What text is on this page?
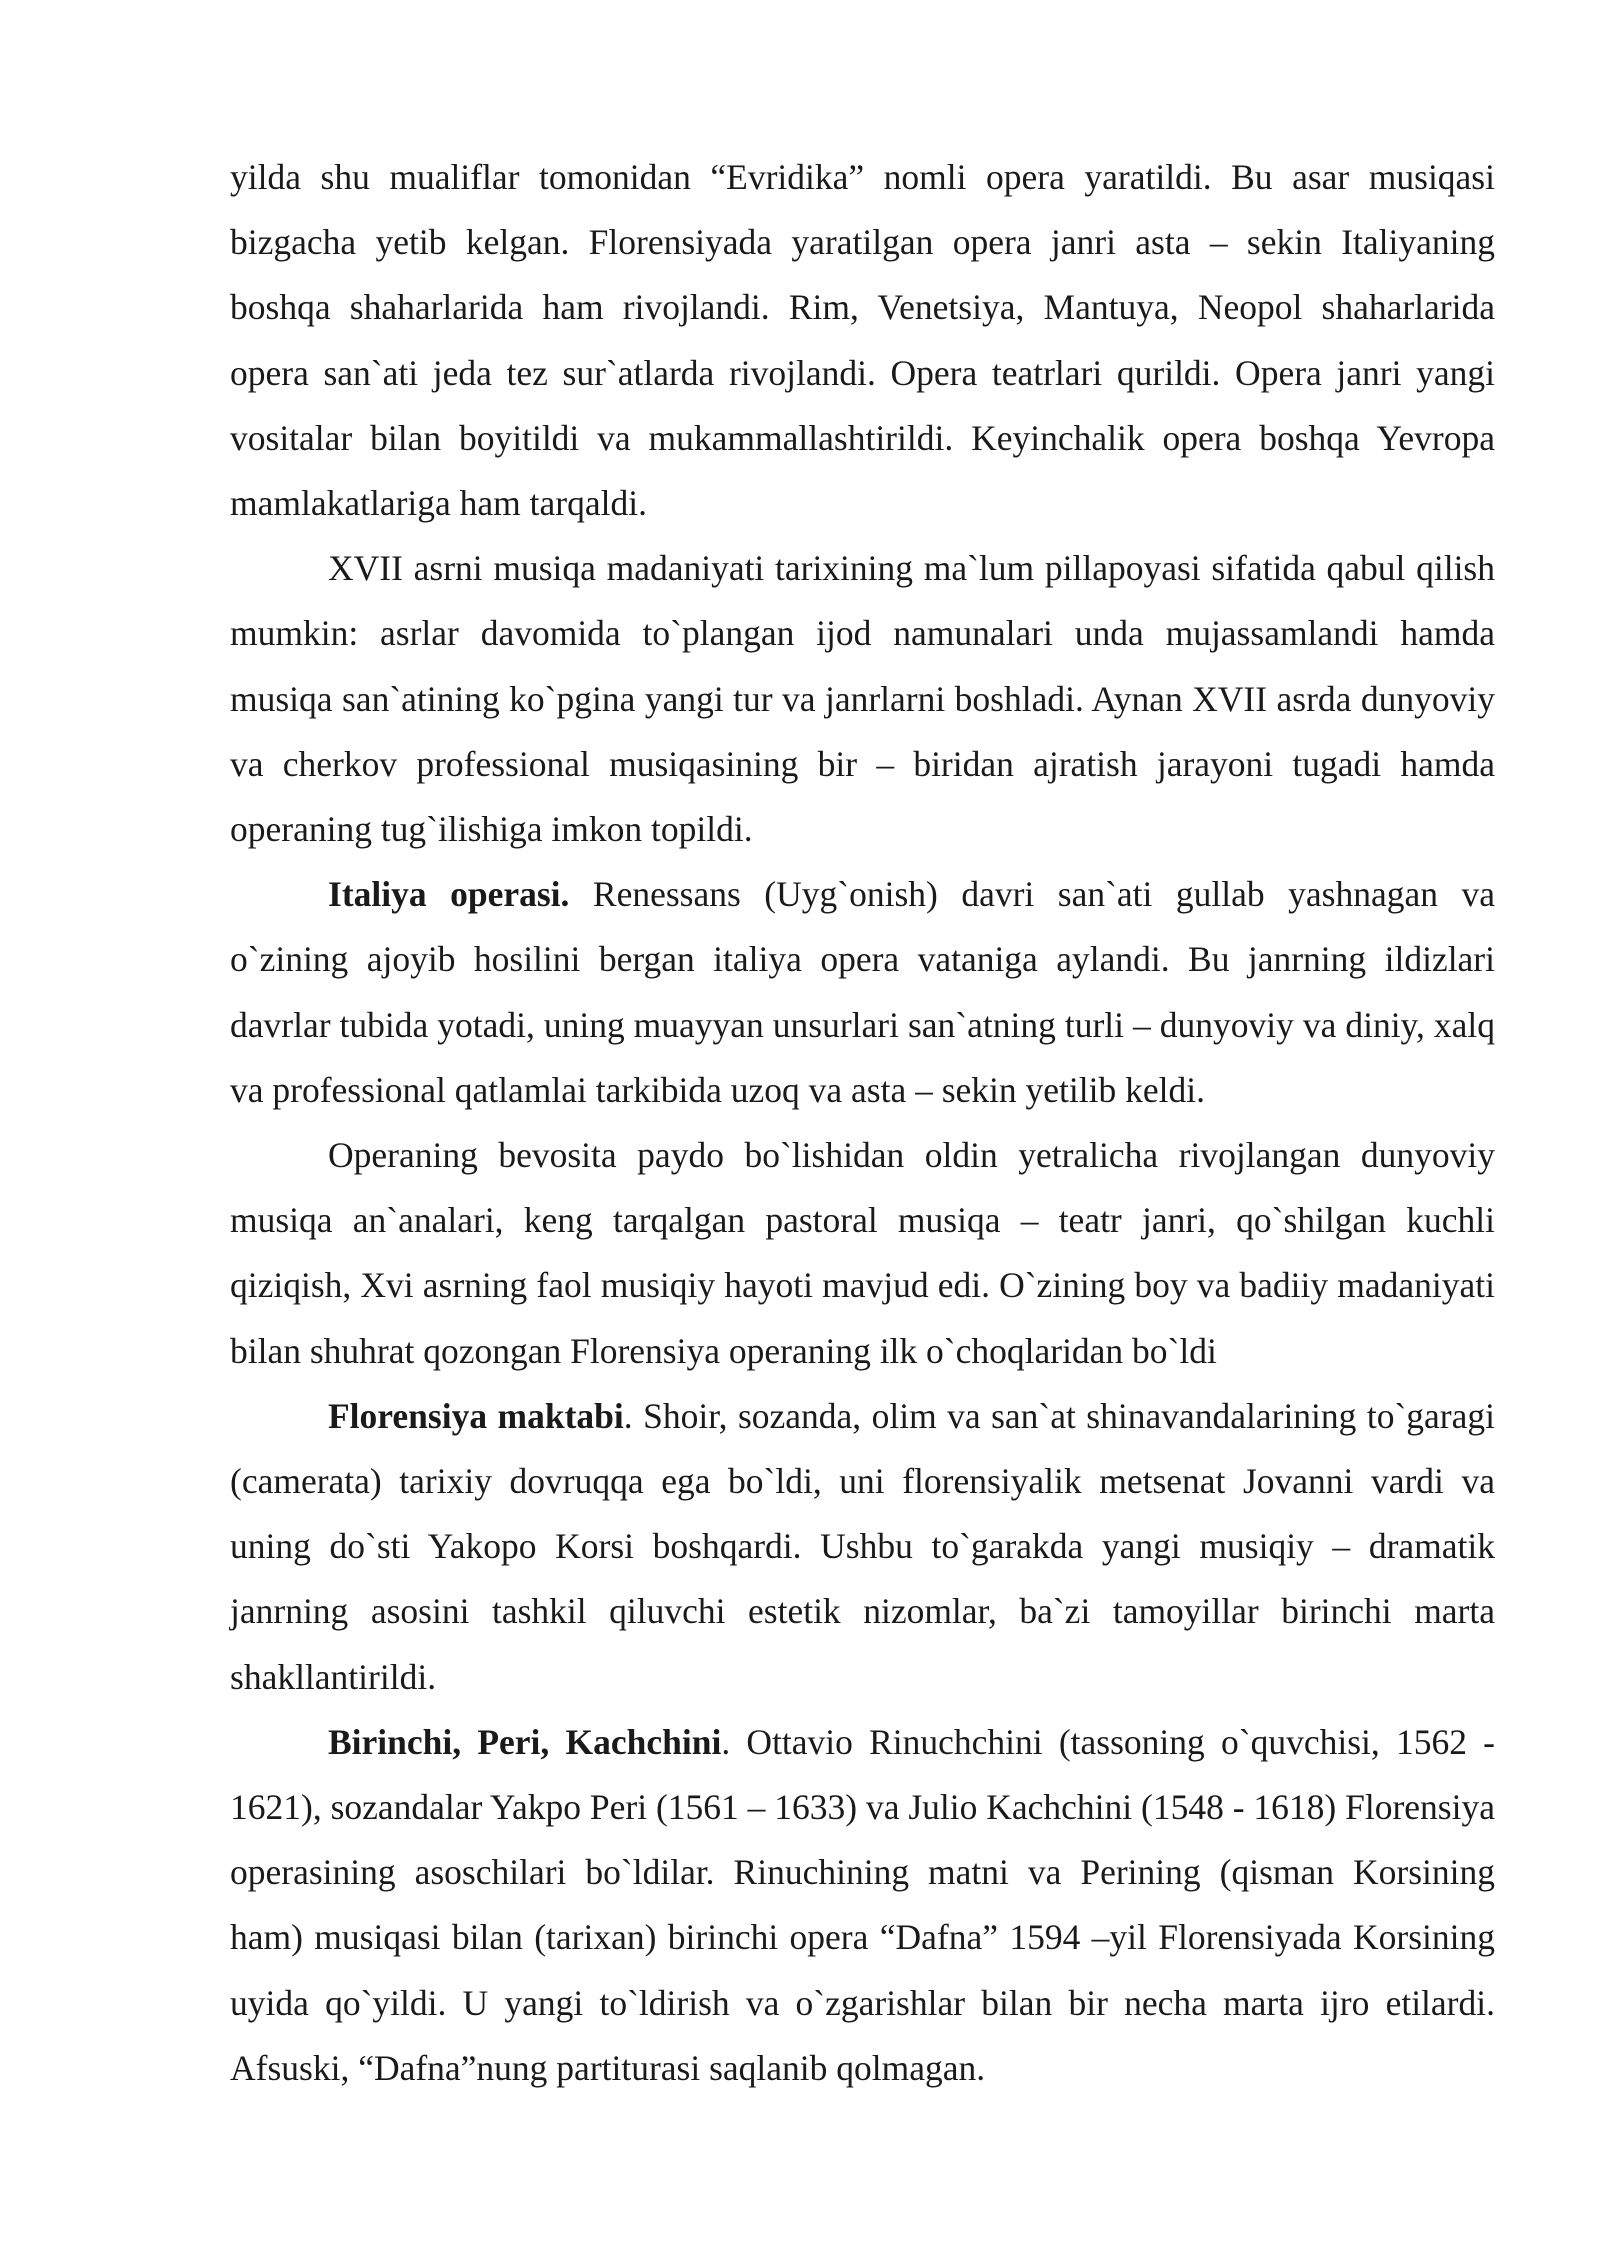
yilda shu mualiflar tomonidan “Evridika” nomli opera yaratildi. Bu asar musiqasi bizgacha yetib kelgan. Florensiyada yaratilgan opera janri asta – sekin Italiyaning boshqa shaharlarida ham rivojlandi. Rim, Venetsiya, Mantuya, Neopol shaharlarida opera san`ati jeda tez sur`atlarda rivojlandi. Opera teatrlari qurildi. Opera janri yangi vositalar bilan boyitildi va mukammallashtirildi. Keyinchalik opera boshqa Yevropa mamlakatlariga ham tarqaldi.

XVII asrni musiqa madaniyati tarixining ma`lum pillapoyasi sifatida qabul qilish mumkin: asrlar davomida to`plangan ijod namunalari unda mujassamlandi hamda musiqa san`atining ko`pgina yangi tur va janrlarni boshladi. Aynan XVII asrda dunyoviy va cherkov professional musiqasining bir – biridan ajratish jarayoni tugadi hamda operaning tug`ilishiga imkon topildi.

Italiya operasi. Renessans (Uyg`onish) davri san`ati gullab yashnagan va o`zining ajoyib hosilini bergan italiya opera vataniga aylandi. Bu janrning ildizlari davrlar tubida yotadi, uning muayyan unsurlari san`atning turli – dunyoviy va diniy, xalq va professional qatlamlai tarkibida uzoq va asta – sekin yetilib keldi.

Operaning bevosita paydo bo`lishidan oldin yetralicha rivojlangan dunyoviy musiqa an`analari, keng tarqalgan pastoral musiqa – teatr janri, qo`shilgan kuchli qiziqish, Xvi asrning faol musiqiy hayoti mavjud edi. O`zining boy va badiiy madaniyati bilan shuhrat qozongan Florensiya operaning ilk o`choqlaridan bo`ldi

Florensiya maktabi. Shoir, sozanda, olim va san`at shinavandalarining to`garagi (camerata) tarixiy dovruqqa ega bo`ldi, uni florensiyalik metsenat Jovanni vardi va uning do`sti Yakopo Korsi boshqardi. Ushbu to`garakda yangi musiqiy – dramatik janrning asosini tashkil qiluvchi estetik nizomlar, ba`zi tamoyillar birinchi marta shakllantirildi.

Birinchi, Peri, Kachchini. Ottavio Rinuchchini (tassoning o`quvchisi, 1562 - 1621), sozandalar Yakpo Peri (1561 – 1633) va Julio Kachchini (1548 - 1618) Florensiya operasining asoschilari bo`ldilar. Rinuchining matni va Perining (qisman Korsining ham) musiqasi bilan (tarixan) birinchi opera “Dafna” 1594 –yil Florensiyada Korsining uyida qo`yildi. U yangi to`ldirish va o`zgarishlar bilan bir necha marta ijro etilardi. Afsuski, “Dafna”nung partiturasi saqlanib qolmagan.
